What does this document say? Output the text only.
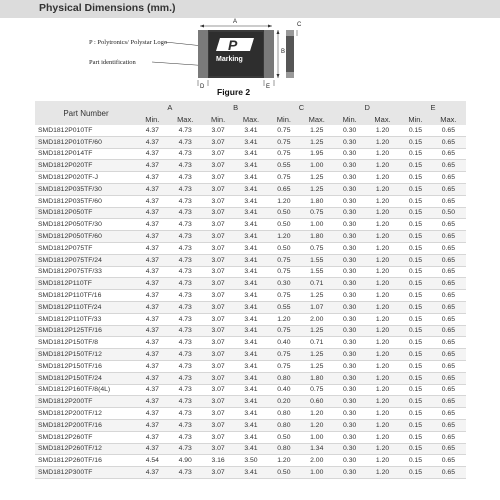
Physical Dimensions (mm.)
P : Polytronics/ Polystar Logo
Part identification
P
Marking
A
B
C
D	E
Figure 2
Part Number	A		B		C		D		E	
	Min.	Max.	Min.	Max.	Min.	Max.	Min.	Max.	Min.	Max.
SMD1812P010TF	4.37	4.73	3.07	3.41	0.75	1.25	0.30	1.20	0.15	0.65
SMD1812P010TF/60	4.37	4.73	3.07	3.41	0.75	1.25	0.30	1.20	0.15	0.65
SMD1812P014TF	4.37	4.73	3.07	3.41	0.75	1.95	0.30	1.20	0.15	0.65
SMD1812P020TF	4.37	4.73	3.07	3.41	0.55	1.00	0.30	1.20	0.15	0.65
SMD1812P020TF-J	4.37	4.73	3.07	3.41	0.75	1.25	0.30	1.20	0.15	0.65
SMD1812P035TF/30	4.37	4.73	3.07	3.41	0.65	1.25	0.30	1.20	0.15	0.65
SMD1812P035TF/60	4.37	4.73	3.07	3.41	1.20	1.80	0.30	1.20	0.15	0.65
SMD1812P050TF	4.37	4.73	3.07	3.41	0.50	0.75	0.30	1.20	0.15	0.50
SMD1812P050TF/30	4.37	4.73	3.07	3.41	0.50	1.00	0.30	1.20	0.15	0.65
SMD1812P050TF/60	4.37	4.73	3.07	3.41	1.20	1.80	0.30	1.20	0.15	0.65
SMD1812P075TF	4.37	4.73	3.07	3.41	0.50	0.75	0.30	1.20	0.15	0.65
SMD1812P075TF/24	4.37	4.73	3.07	3.41	0.75	1.55	0.30	1.20	0.15	0.65
SMD1812P075TF/33	4.37	4.73	3.07	3.41	0.75	1.55	0.30	1.20	0.15	0.65
SMD1812P110TF	4.37	4.73	3.07	3.41	0.30	0.71	0.30	1.20	0.15	0.65
SMD1812P110TF/16	4.37	4.73	3.07	3.41	0.75	1.25	0.30	1.20	0.15	0.65
SMD1812P110TF/24	4.37	4.73	3.07	3.41	0.55	1.07	0.30	1.20	0.15	0.65
SMD1812P110TF/33	4.37	4.73	3.07	3.41	1.20	2.00	0.30	1.20	0.15	0.65
SMD1812P125TF/16	4.37	4.73	3.07	3.41	0.75	1.25	0.30	1.20	0.15	0.65
SMD1812P150TF/8	4.37	4.73	3.07	3.41	0.40	0.71	0.30	1.20	0.15	0.65
SMD1812P150TF/12	4.37	4.73	3.07	3.41	0.75	1.25	0.30	1.20	0.15	0.65
SMD1812P150TF/16	4.37	4.73	3.07	3.41	0.75	1.25	0.30	1.20	0.15	0.65
SMD1812P150TF/24	4.37	4.73	3.07	3.41	0.80	1.80	0.30	1.20	0.15	0.65
SMD1812P160TF/8(4L)	4.37	4.73	3.07	3.41	0.40	0.75	0.30	1.20	0.15	0.65
SMD1812P200TF	4.37	4.73	3.07	3.41	0.20	0.60	0.30	1.20	0.15	0.65
SMD1812P200TF/12	4.37	4.73	3.07	3.41	0.80	1.20	0.30	1.20	0.15	0.65
SMD1812P200TF/16	4.37	4.73	3.07	3.41	0.80	1.20	0.30	1.20	0.15	0.65
SMD1812P260TF	4.37	4.73	3.07	3.41	0.50	1.00	0.30	1.20	0.15	0.65
SMD1812P260TF/12	4.37	4.73	3.07	3.41	0.80	1.34	0.30	1.20	0.15	0.65
SMD1812P260TF/16	4.54	4.90	3.16	3.50	1.20	2.00	0.30	1.20	0.15	0.65
SMD1812P300TF	4.37	4.73	3.07	3.41	0.50	1.00	0.30	1.20	0.15	0.65
